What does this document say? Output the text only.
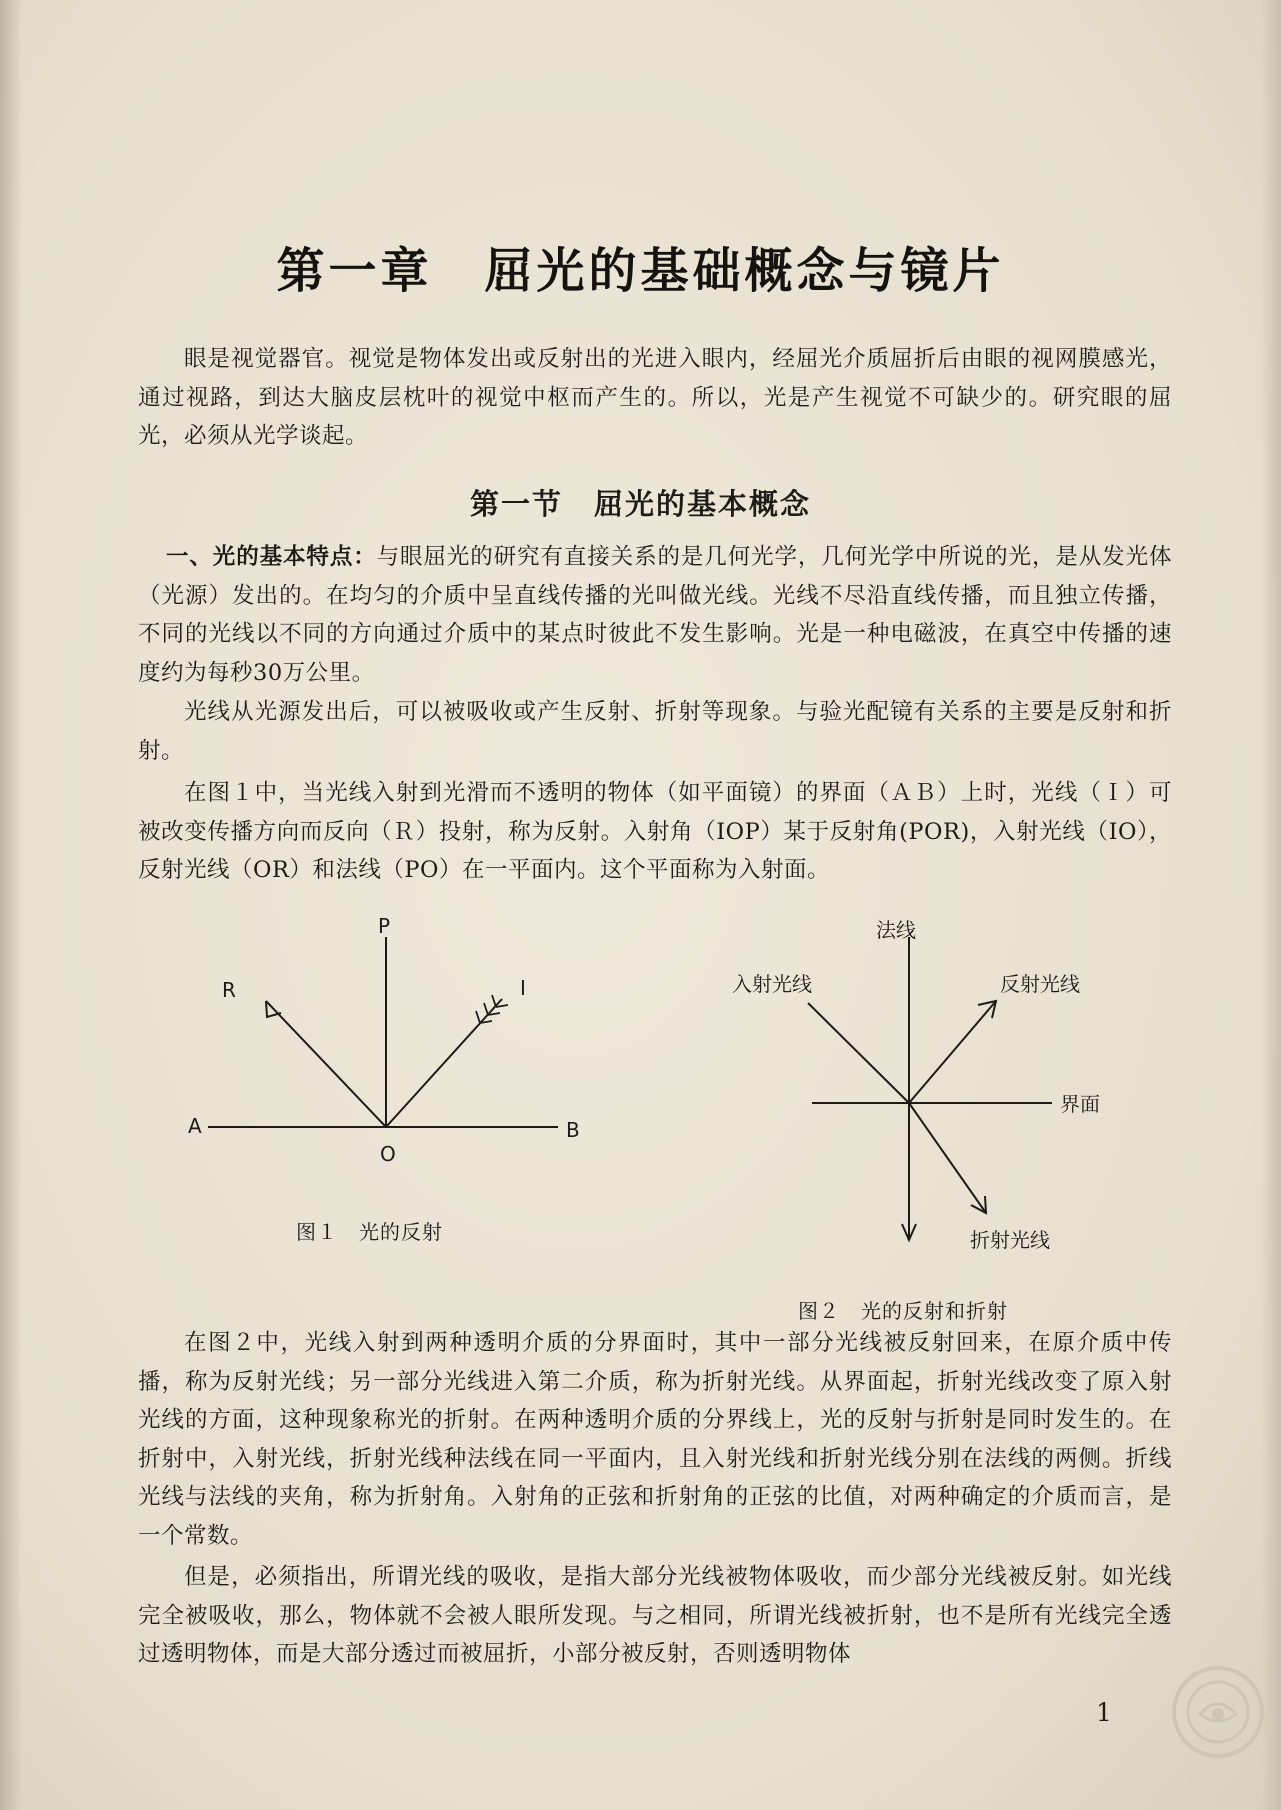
第一章　屈光的基础概念与镜片

眼是视觉器官。视觉是物体发出或反射出的光进入眼内，经屈光介质屈折后由眼的视网膜感光，通过视路，到达大脑皮层枕叶的视觉中枢而产生的。所以，光是产生视觉不可缺少的。研究眼的屈光，必须从光学谈起。

第一节　屈光的基本概念

一、光的基本特点：与眼屈光的研究有直接关系的是几何光学，几何光学中所说的光，是从发光体（光源）发出的。在均匀的介质中呈直线传播的光叫做光线。光线不尽沿直线传播，而且独立传播，不同的光线以不同的方向通过介质中的某点时彼此不发生影响。光是一种电磁波，在真空中传播的速度约为每秒30万公里。

光线从光源发出后，可以被吸收或产生反射、折射等现象。与验光配镜有关系的主要是反射和折射。

在图１中，当光线入射到光滑而不透明的物体（如平面镜）的界面（ＡＢ）上时，光线（Ｉ）可被改变传播方向而反向（Ｒ）投射，称为反射。入射角（IOP）某于反射角(POR)，入射光线（IO），反射光线（OR）和法线（PO）在一平面内。这个平面称为入射面。

P
R	I
A	B
O
图１　光的反射
法线
入射光线	反射光线
界面
折射光线
图２　光的反射和折射

在图２中，光线入射到两种透明介质的分界面时，其中一部分光线被反射回来，在原介质中传播，称为反射光线；另一部分光线进入第二介质，称为折射光线。从界面起，折射光线改变了原入射光线的方面，这种现象称光的折射。在两种透明介质的分界线上，光的反射与折射是同时发生的。在折射中，入射光线，折射光线种法线在同一平面内，且入射光线和折射光线分别在法线的两侧。折线光线与法线的夹角，称为折射角。入射角的正弦和折射角的正弦的比值，对两种确定的介质而言，是一个常数。

但是，必须指出，所谓光线的吸收，是指大部分光线被物体吸收，而少部分光线被反射。如光线完全被吸收，那么，物体就不会被人眼所发现。与之相同，所谓光线被折射，也不是所有光线完全透过透明物体，而是大部分透过而被屈折，小部分被反射，否则透明物体

1
